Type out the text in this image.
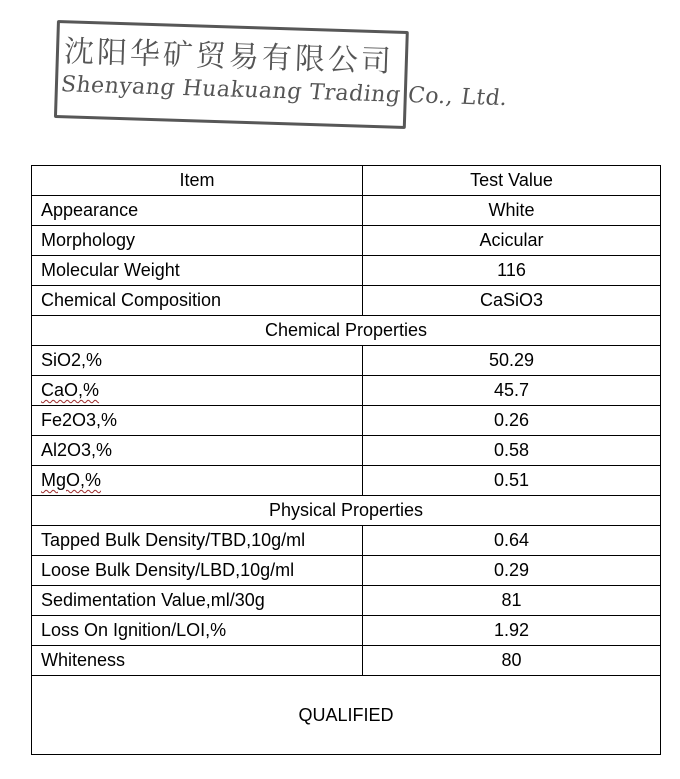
沈阳华矿贸易有限公司
Shenyang Huakuang Trading Co., Ltd.
Item	Test Value
Appearance	White
Morphology	Acicular
Molecular Weight	116
Chemical Composition	CaSiO3
Chemical Properties	
SiO2,%	50.29
CaO,%	45.7
Fe2O3,%	0.26
Al2O3,%	0.58
MgO,%	0.51
Physical Properties	
Tapped Bulk Density/TBD,10g/ml	0.64
Loose Bulk Density/LBD,10g/ml	0.29
Sedimentation Value,ml/30g	81
Loss On Ignition/LOI,%	1.92
Whiteness	80
QUALIFIED	
